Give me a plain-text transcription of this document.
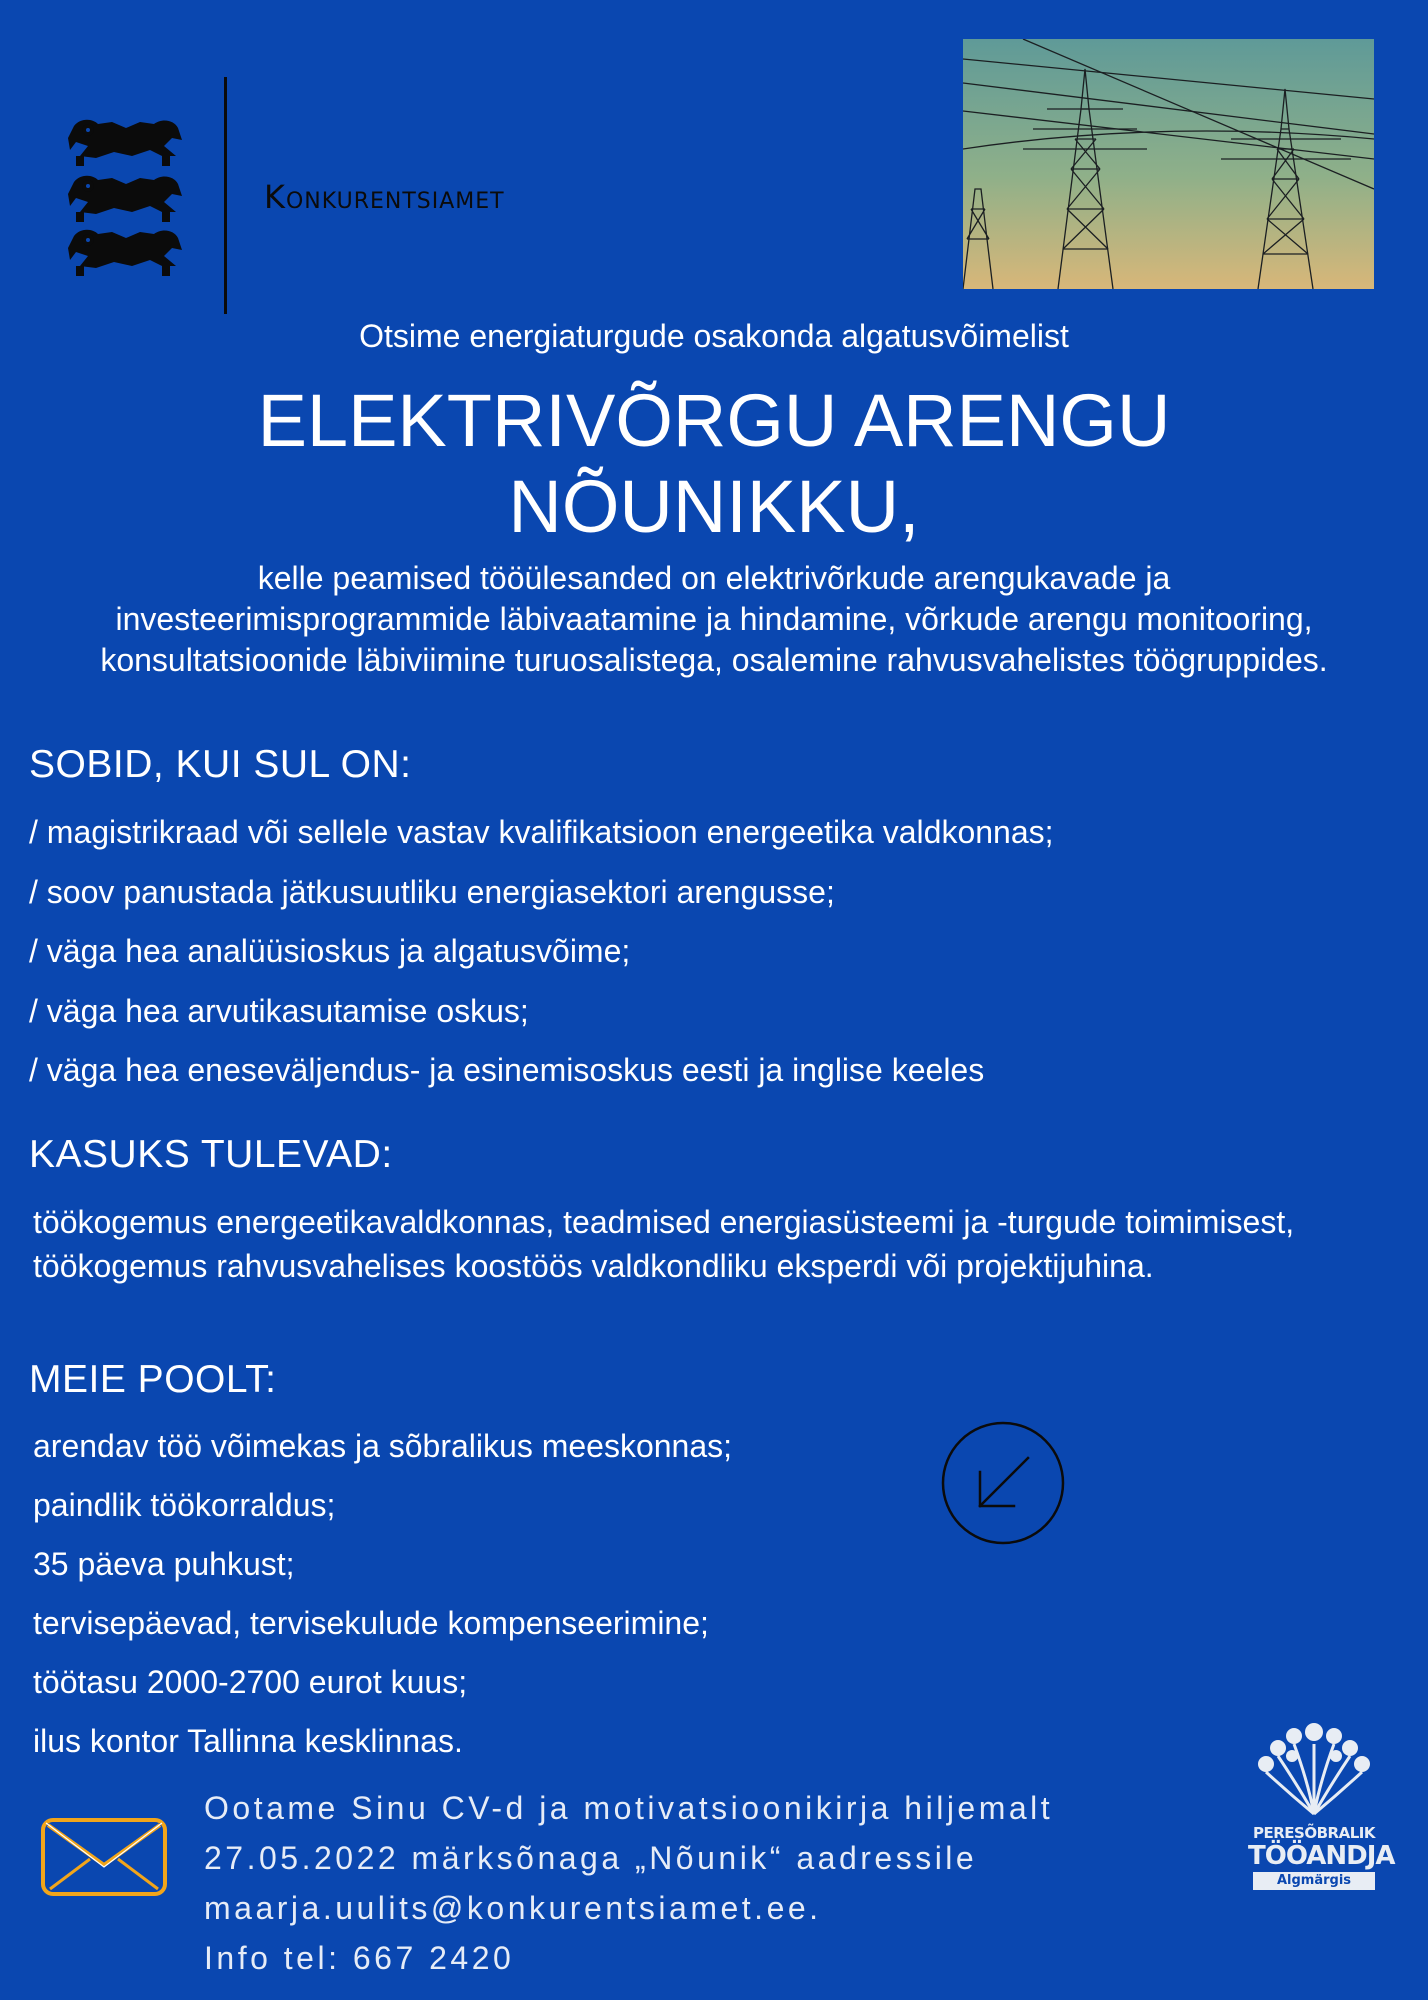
Konkurentsiamet
Otsime energiaturgude osakonda algatusvõimelist
ELEKTRIVÕRGU ARENGU
NÕUNIKKU,
kelle peamised tööülesanded on elektrivõrkude arengukavade ja investeerimisprogrammide läbivaatamine ja hindamine, võrkude arengu monitooring, konsultatsioonide läbiviimine turuosalistega, osalemine rahvusvahelistes töögruppides.
SOBID, KUI SUL ON:
/ magistrikraad või sellele vastav kvalifikatsioon energeetika valdkonnas;
/ soov panustada jätkusuutliku energiasektori arengusse;
/ väga hea analüüsioskus ja algatusvõime;
/ väga hea arvutikasutamise oskus;
/ väga hea eneseväljendus- ja esinemisoskus eesti ja inglise keeles
KASUKS TULEVAD:
töökogemus energeetikavaldkonnas, teadmised energiasüsteemi ja -turgude toimimisest, töökogemus rahvusvahelises koostöös valdkondliku eksperdi või projektijuhina.
MEIE POOLT:
arendav töö võimekas ja sõbralikus meeskonnas;
paindlik töökorraldus;
35 päeva puhkust;
tervisepäevad, tervisekulude kompenseerimine;
töötasu 2000-2700 eurot kuus;
ilus kontor Tallinna kesklinnas.
Ootame Sinu CV-d ja motivatsioonikirja hiljemalt
27.05.2022 märksõnaga „Nõunik“ aadressile
maarja.uulits@konkurentsiamet.ee.
Info tel: 667 2420
PERESÕBRALIK
TÖÖANDJA
Algmärgis
